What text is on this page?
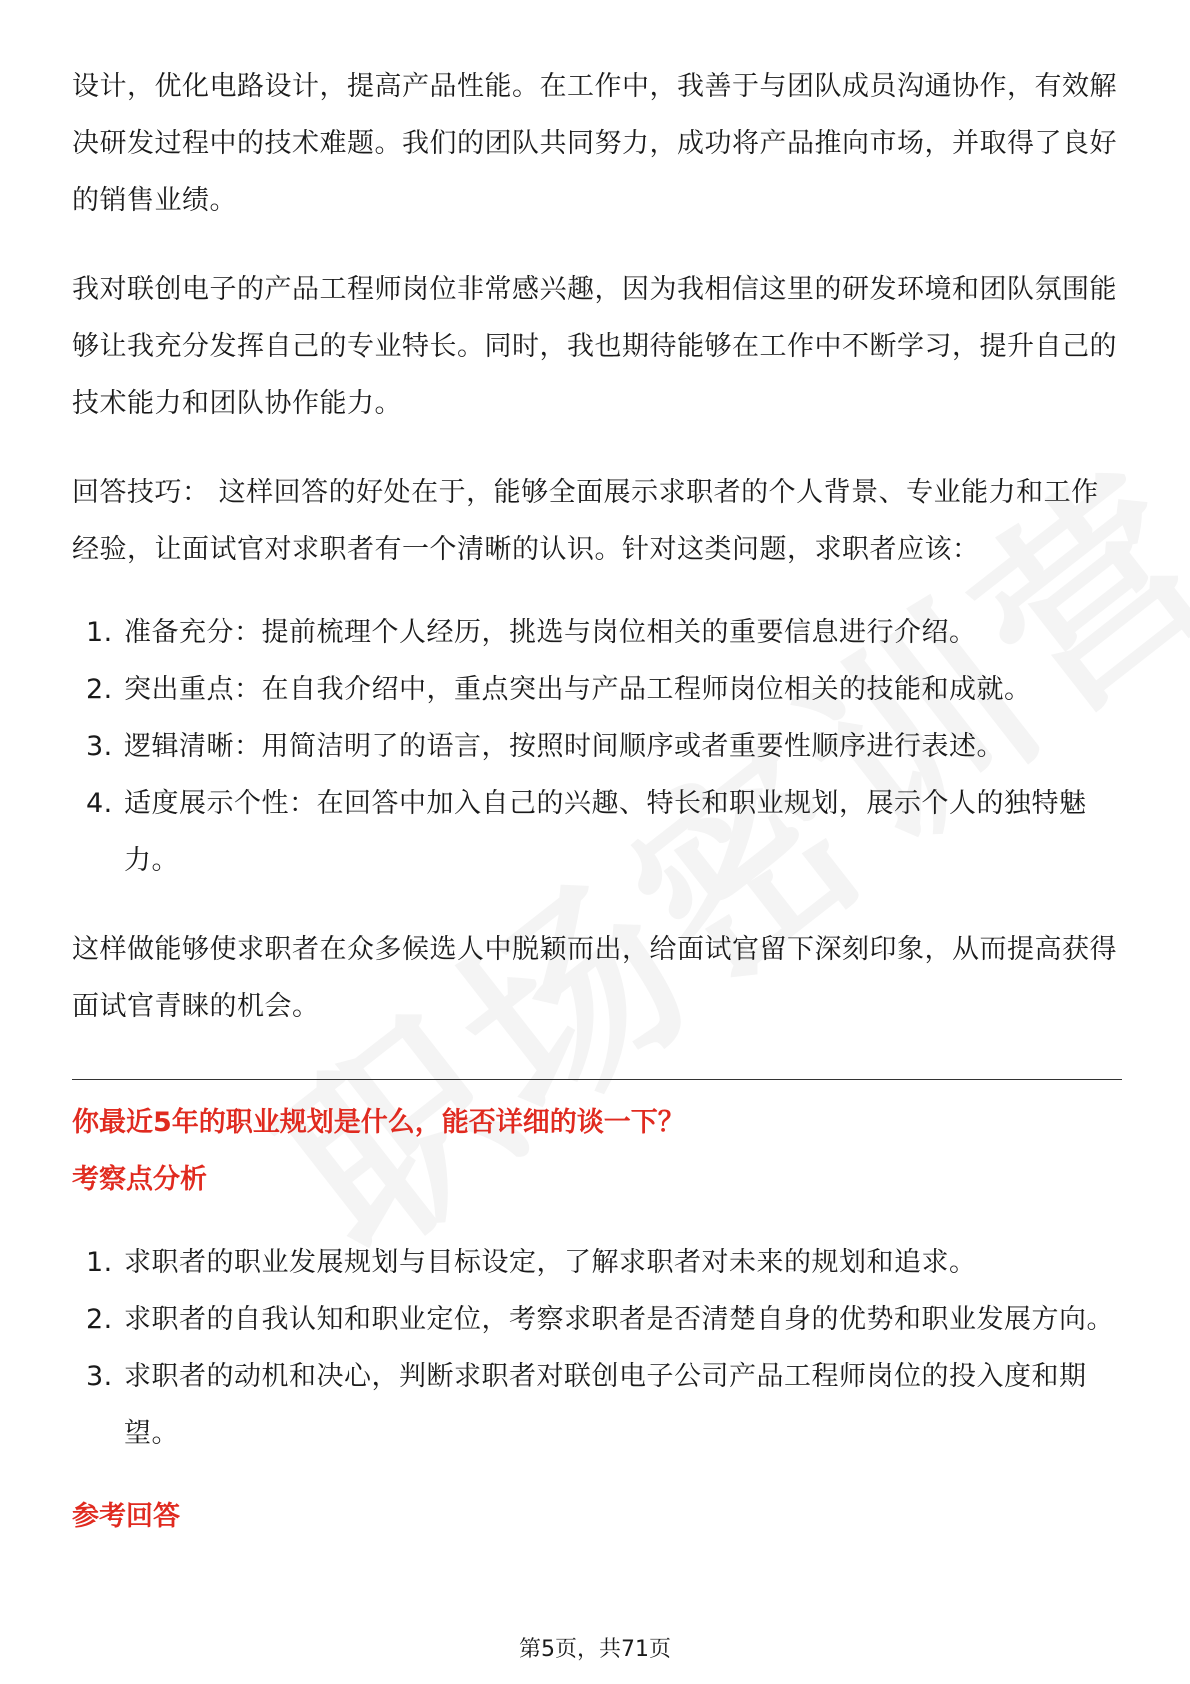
设计，优化电路设计，提高产品性能。在工作中，我善于与团队成员沟通协作，有效解决研发过程中的技术难题。我们的团队共同努力，成功将产品推向市场，并取得了良好的销售业绩。

我对联创电子的产品工程师岗位非常感兴趣，因为我相信这里的研发环境和团队氛围能够让我充分发挥自己的专业特长。同时，我也期待能够在工作中不断学习，提升自己的技术能力和团队协作能力。

回答技巧： 这样回答的好处在于，能够全面展示求职者的个人背景、专业能力和工作经验，让面试官对求职者有一个清晰的认识。针对这类问题，求职者应该：

1. 准备充分：提前梳理个人经历，挑选与岗位相关的重要信息进行介绍。
2. 突出重点：在自我介绍中，重点突出与产品工程师岗位相关的技能和成就。
3. 逻辑清晰：用简洁明了的语言，按照时间顺序或者重要性顺序进行表述。
4. 适度展示个性：在回答中加入自己的兴趣、特长和职业规划，展示个人的独特魅力。

这样做能够使求职者在众多候选人中脱颖而出，给面试官留下深刻印象，从而提高获得面试官青睐的机会。

你最近5年的职业规划是什么，能否详细的谈一下？

考察点分析

1. 求职者的职业发展规划与目标设定，了解求职者对未来的规划和追求。
2. 求职者的自我认知和职业定位，考察求职者是否清楚自身的优势和职业发展方向。
3. 求职者的动机和决心，判断求职者对联创电子公司产品工程师岗位的投入度和期望。

参考回答

第5页，共71页
